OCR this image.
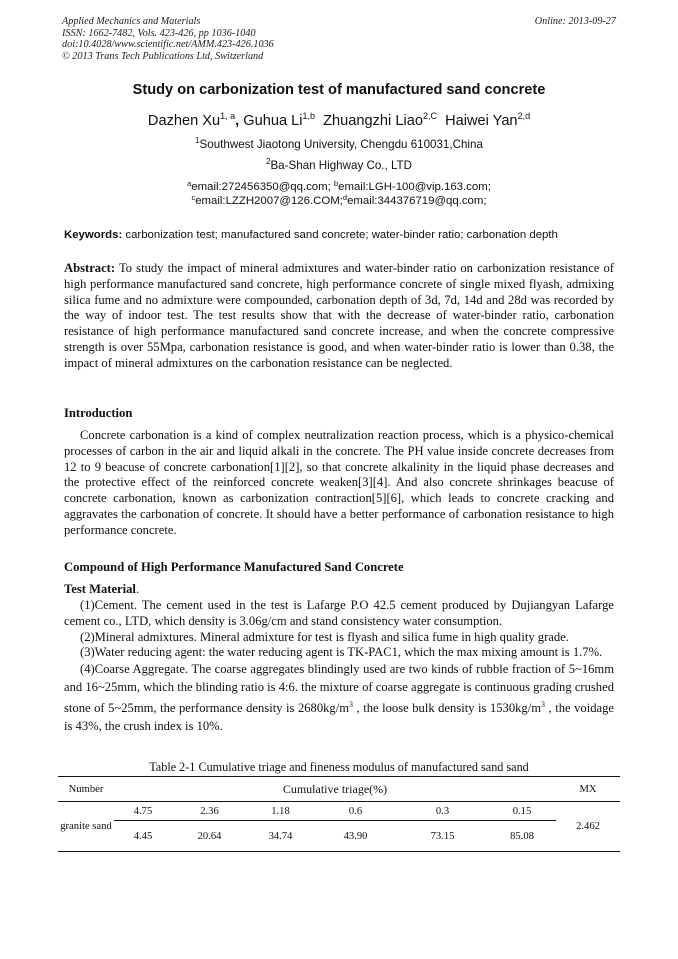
Applied Mechanics and Materials
ISSN: 1662-7482, Vols. 423-426, pp 1036-1040
doi:10.4028/www.scientific.net/AMM.423-426.1036
© 2013 Trans Tech Publications Ltd, Switzerland
Online: 2013-09-27
Study on carbonization test of manufactured sand concrete
Dazhen Xu$^{1, a}$, Guhua Li$^{1,b}$ Zhuangzhi Liao$^{2,C}$ Haiwei Yan$^{2,d}$
$^1$Southwest Jiaotong University, Chengdu 610031,China
$^2$Ba-Shan Highway Co., LTD
$^a$email:272456350@qq.com; $^b$email:LGH-100@vip.163.com;
$^c$email:LZZH2007@126.COM;$^d$email:344376719@qq.com;
Keywords: carbonization test; manufactured sand concrete; water-binder ratio; carbonation depth

Abstract: To study the impact of mineral admixtures and water-binder ratio on carbonization resistance of high performance manufactured sand concrete, high performance concrete of single mixed flyash, admixing silica fume and no admixture were compounded, carbonation depth of 3d, 7d, 14d and 28d was recorded by the way of indoor test. The test results show that with the decrease of water-binder ratio, carbonation resistance of high performance manufactured sand concrete increase, and when the concrete compressive strength is over 55Mpa, carbonation resistance is good, and when water-binder ratio is lower than 0.38, the impact of mineral admixtures on the carbonation resistance can be neglected.

Introduction

Concrete carbonation is a kind of complex neutralization reaction process, which is a physico-chemical processes of carbon in the air and liquid alkali in the concrete. The PH value inside concrete decreases from 12 to 9 beacuse of concrete carbonation[1][2], so that concrete alkalinity in the liquid phase decreases and the protective effect of the reinforced concrete weaken[3][4]. And also concrete shrinkages beacuse of concrete carbonation, known as carbonization contraction[5][6], which leads to concrete cracking and aggravates the carbonation of concrete. It should have a better performance of carbonation resistance to high performance concrete.

Compound of High Performance Manufactured Sand Concrete
Test Material.

(1)Cement. The cement used in the test is Lafarge P.O 42.5 cement produced by Dujiangyan Lafarge cement co., LTD, which density is 3.06g/cm and stand consistency water consumption.

(2)Mineral admixtures. Mineral admixture for test is flyash and silica fume in high quality grade.

(3)Water reducing agent: the water reducing agent is TK-PAC1, which the max mixing amount is 1.7%.

(4)Coarse Aggregate. The coarse aggregates blindingly used are two kinds of rubble fraction of 5~16mm and 16~25mm, which the blinding ratio is 4:6. the mixture of coarse aggregate is continuous grading crushed stone of 5~25mm, the performance density is $2680kg/m^3$ , the loose bulk density is $1530kg/m^3$ , the voidage is 43%, the crush index is 10%.

Table 2-1 Cumulative triage and fineness modulus of manufactured sand sand
Number	Cumulative triage(%)						MX
granite sand	4.75	2.36	1.18	0.6	0.3	0.15	2.462
	4.45	20.64	34.74	43.90	73.15	85.08	
